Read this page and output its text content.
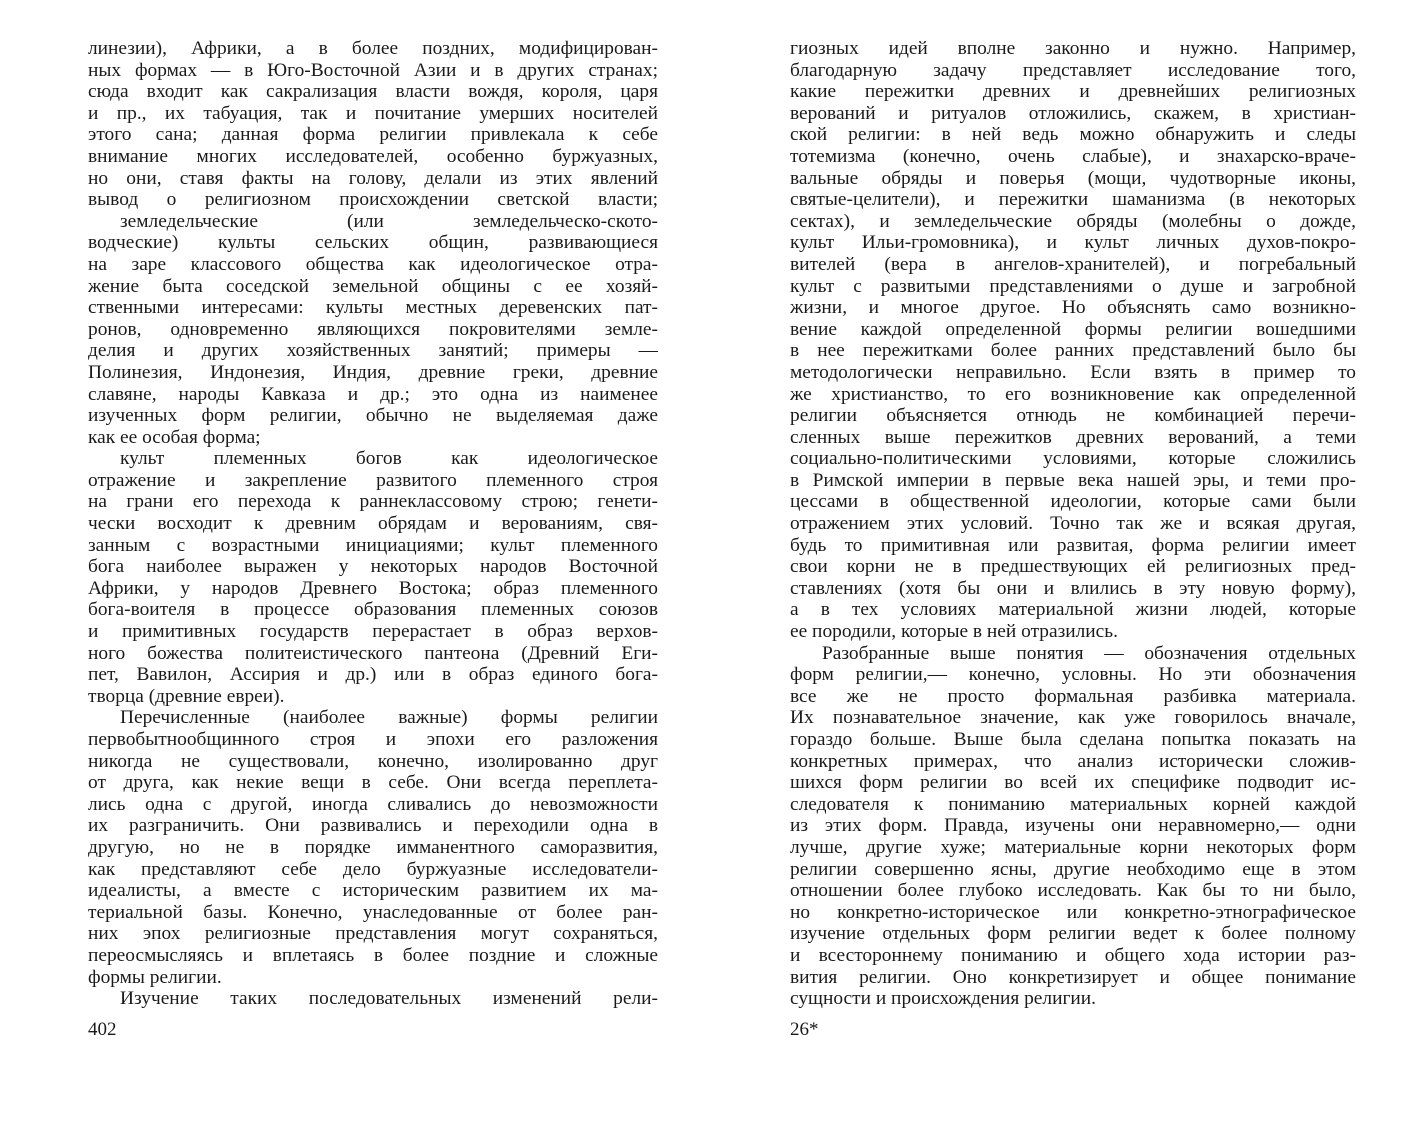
линезии), Африки, а в более поздних, модифицирован-
ных формах — в Юго-Восточной Азии и в других странах;
сюда входит как сакрализация власти вождя, короля, царя
и пр., их табуация, так и почитание умерших носителей
этого сана; данная форма религии привлекала к себе
внимание многих исследователей, особенно буржуазных,
но они, ставя факты на голову, делали из этих явлений
вывод о религиозном происхождении светской власти;
земледельческие (или земледельческо-ското-
водческие) культы сельских общин, развивающиеся
на заре классового общества как идеологическое отра-
жение быта соседской земельной общины с ее хозяй-
ственными интересами: культы местных деревенских пат-
ронов, одновременно являющихся покровителями земле-
делия и других хозяйственных занятий; примеры —
Полинезия, Индонезия, Индия, древние греки, древние
славяне, народы Кавказа и др.; это одна из наименее
изученных форм религии, обычно не выделяемая даже
как ее особая форма;
культ племенных богов как идеологическое
отражение и закрепление развитого племенного строя
на грани его перехода к раннеклассовому строю; генети-
чески восходит к древним обрядам и верованиям, свя-
занным с возрастными инициациями; культ племенного
бога наиболее выражен у некоторых народов Восточной
Африки, у народов Древнего Востока; образ племенного
бога-воителя в процессе образования племенных союзов
и примитивных государств перерастает в образ верхов-
ного божества политеистического пантеона (Древний Еги-
пет, Вавилон, Ассирия и др.) или в образ единого бога-
творца (древние евреи).
Перечисленные (наиболее важные) формы религии
первобытнообщинного строя и эпохи его разложения
никогда не существовали, конечно, изолированно друг
от друга, как некие вещи в себе. Они всегда переплета-
лись одна с другой, иногда сливались до невозможности
их разграничить. Они развивались и переходили одна в
другую, но не в порядке имманентного саморазвития,
как представляют себе дело буржуазные исследователи-
идеалисты, а вместе с историческим развитием их ма-
териальной базы. Конечно, унаследованные от более ран-
них эпох религиозные представления могут сохраняться,
переосмысляясь и вплетаясь в более поздние и сложные
формы религии.
Изучение таких последовательных изменений рели-
гиозных идей вполне законно и нужно. Например,
благодарную задачу представляет исследование того,
какие пережитки древних и древнейших религиозных
верований и ритуалов отложились, скажем, в христиан-
ской религии: в ней ведь можно обнаружить и следы
тотемизма (конечно, очень слабые), и знахарско-враче-
вальные обряды и поверья (мощи, чудотворные иконы,
святые-целители), и пережитки шаманизма (в некоторых
сектах), и земледельческие обряды (молебны о дожде,
культ Ильи-громовника), и культ личных духов-покро-
вителей (вера в ангелов-хранителей), и погребальный
культ с развитыми представлениями о душе и загробной
жизни, и многое другое. Но объяснять само возникно-
вение каждой определенной формы религии вошедшими
в нее пережитками более ранних представлений было бы
методологически неправильно. Если взять в пример то
же христианство, то его возникновение как определенной
религии объясняется отнюдь не комбинацией перечи-
сленных выше пережитков древних верований, а теми
социально-политическими условиями, которые сложились
в Римской империи в первые века нашей эры, и теми про-
цессами в общественной идеологии, которые сами были
отражением этих условий. Точно так же и всякая другая,
будь то примитивная или развитая, форма религии имеет
свои корни не в предшествующих ей религиозных пред-
ставлениях (хотя бы они и влились в эту новую форму),
а в тех условиях материальной жизни людей, которые
ее породили, которые в ней отразились.
Разобранные выше понятия — обозначения отдельных
форм религии,— конечно, условны. Но эти обозначения
все же не просто формальная разбивка материала.
Их познавательное значение, как уже говорилось вначале,
гораздо больше. Выше была сделана попытка показать на
конкретных примерах, что анализ исторически сложив-
шихся форм религии во всей их специфике подводит ис-
следователя к пониманию материальных корней каждой
из этих форм. Правда, изучены они неравномерно,— одни
лучше, другие хуже; материальные корни некоторых форм
религии совершенно ясны, другие необходимо еще в этом
отношении более глубоко исследовать. Как бы то ни было,
но конкретно-историческое или конкретно-этнографическое
изучение отдельных форм религии ведет к более полному
и всестороннему пониманию и общего хода истории раз-
вития религии. Оно конкретизирует и общее понимание
сущности и происхождения религии.
402	26*
